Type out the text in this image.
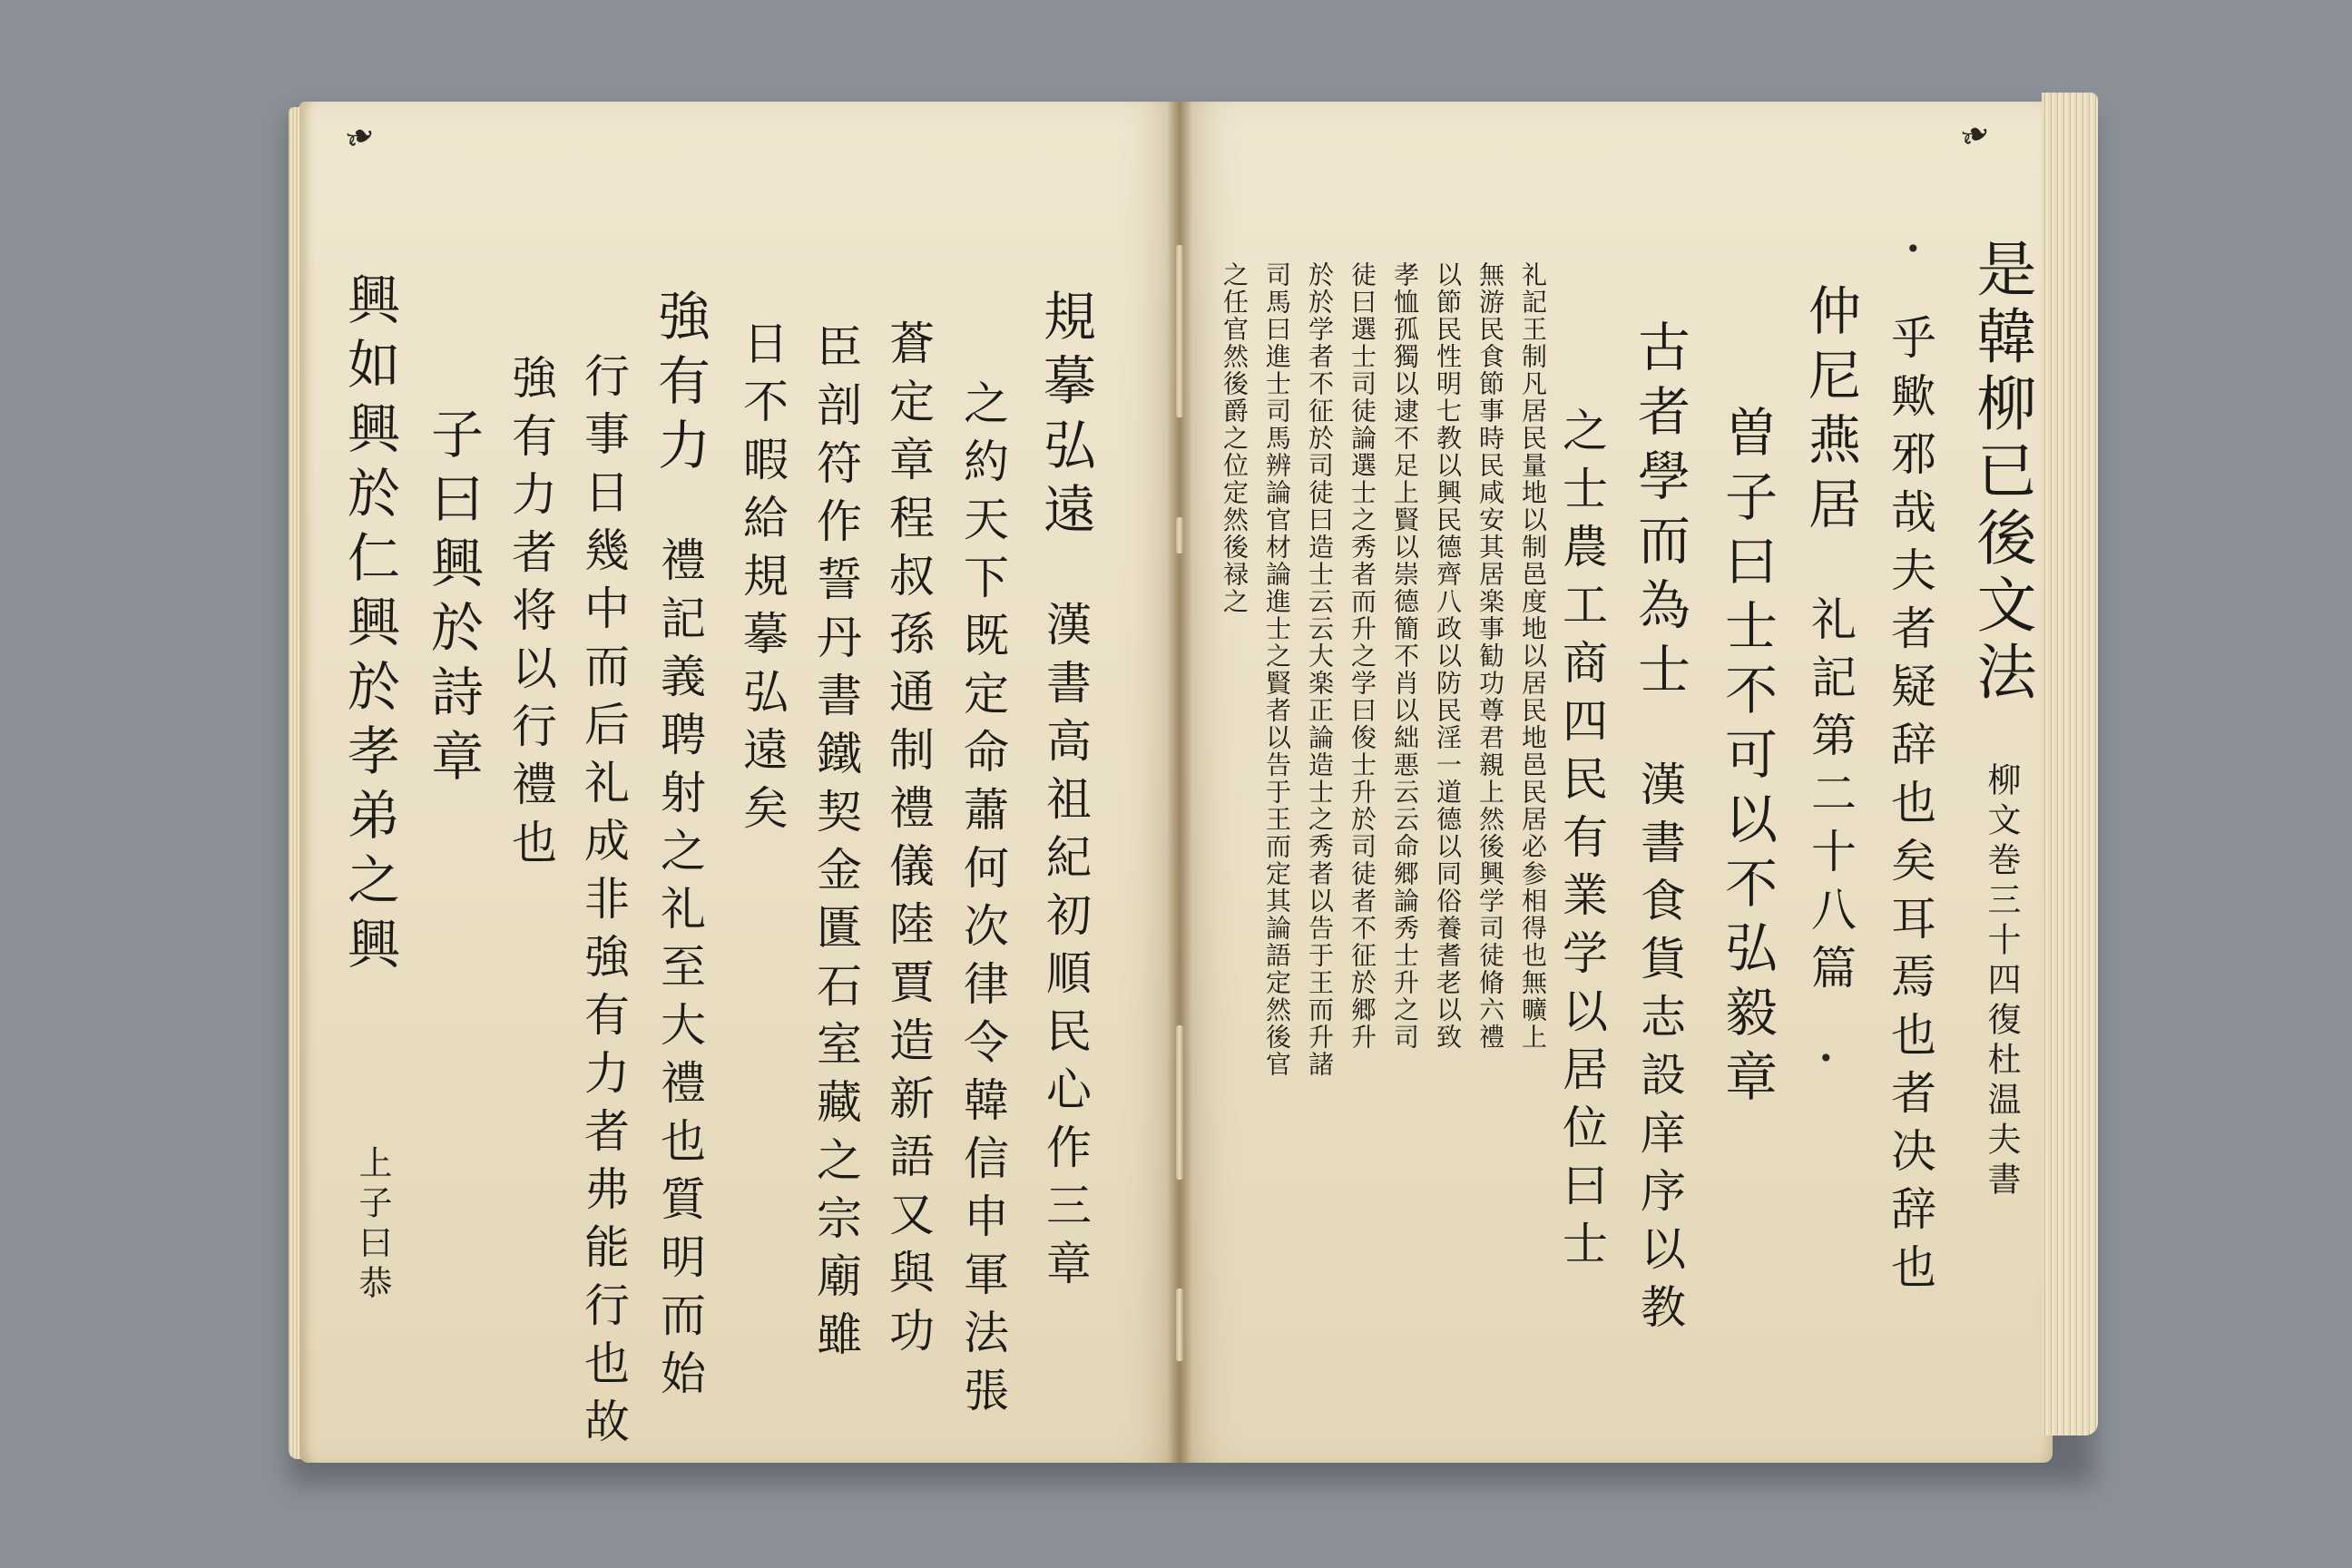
是韓柳已後文法柳文巻三十四復杜温夫書
乎歟邪哉夫者疑辞也矣耳焉也者决辞也
仲尼燕居礼記第二十八篇
曽子曰士不可以不弘毅章
古者學而為士漢書食貨志設庠序以教
之士農工商四民有業学以居位曰士
礼記王制凡居民量地以制邑度地以居民地邑民居必参相得也無曠上
無游民食節事時民咸安其居楽事勧功尊君親上然後興学司徒脩六禮
以節民性明七教以興民德齊八政以防民淫一道德以同俗養耆老以致
孝恤孤獨以逮不足上賢以崇德簡不肖以絀悪云云命郷論秀士升之司
徒曰選士司徒論選士之秀者而升之学曰俊士升於司徒者不征於郷升
於於学者不征於司徒曰造士云云大楽正論造士之秀者以告于王而升諸
司馬曰進士司馬辨論官材論進士之賢者以告于王而定其論語定然後官
之任官然後爵之位定然後禄之
規摹弘遠漢書高祖紀初順民心作三章
之約天下既定命蕭何次律令韓信申軍法張
蒼定章程叔孫通制禮儀陸賈造新語又與功
臣剖符作誓丹書鐵契金匱石室藏之宗廟雖
日不暇給規摹弘遠矣
強有力禮記義聘射之礼至大禮也質明而始
行事日幾中而后礼成非強有力者弗能行也故
強有力者将以行禮也
子曰興於詩章
興如興於仁興於孝弟之興
上子曰恭
❧	❧
•
•
